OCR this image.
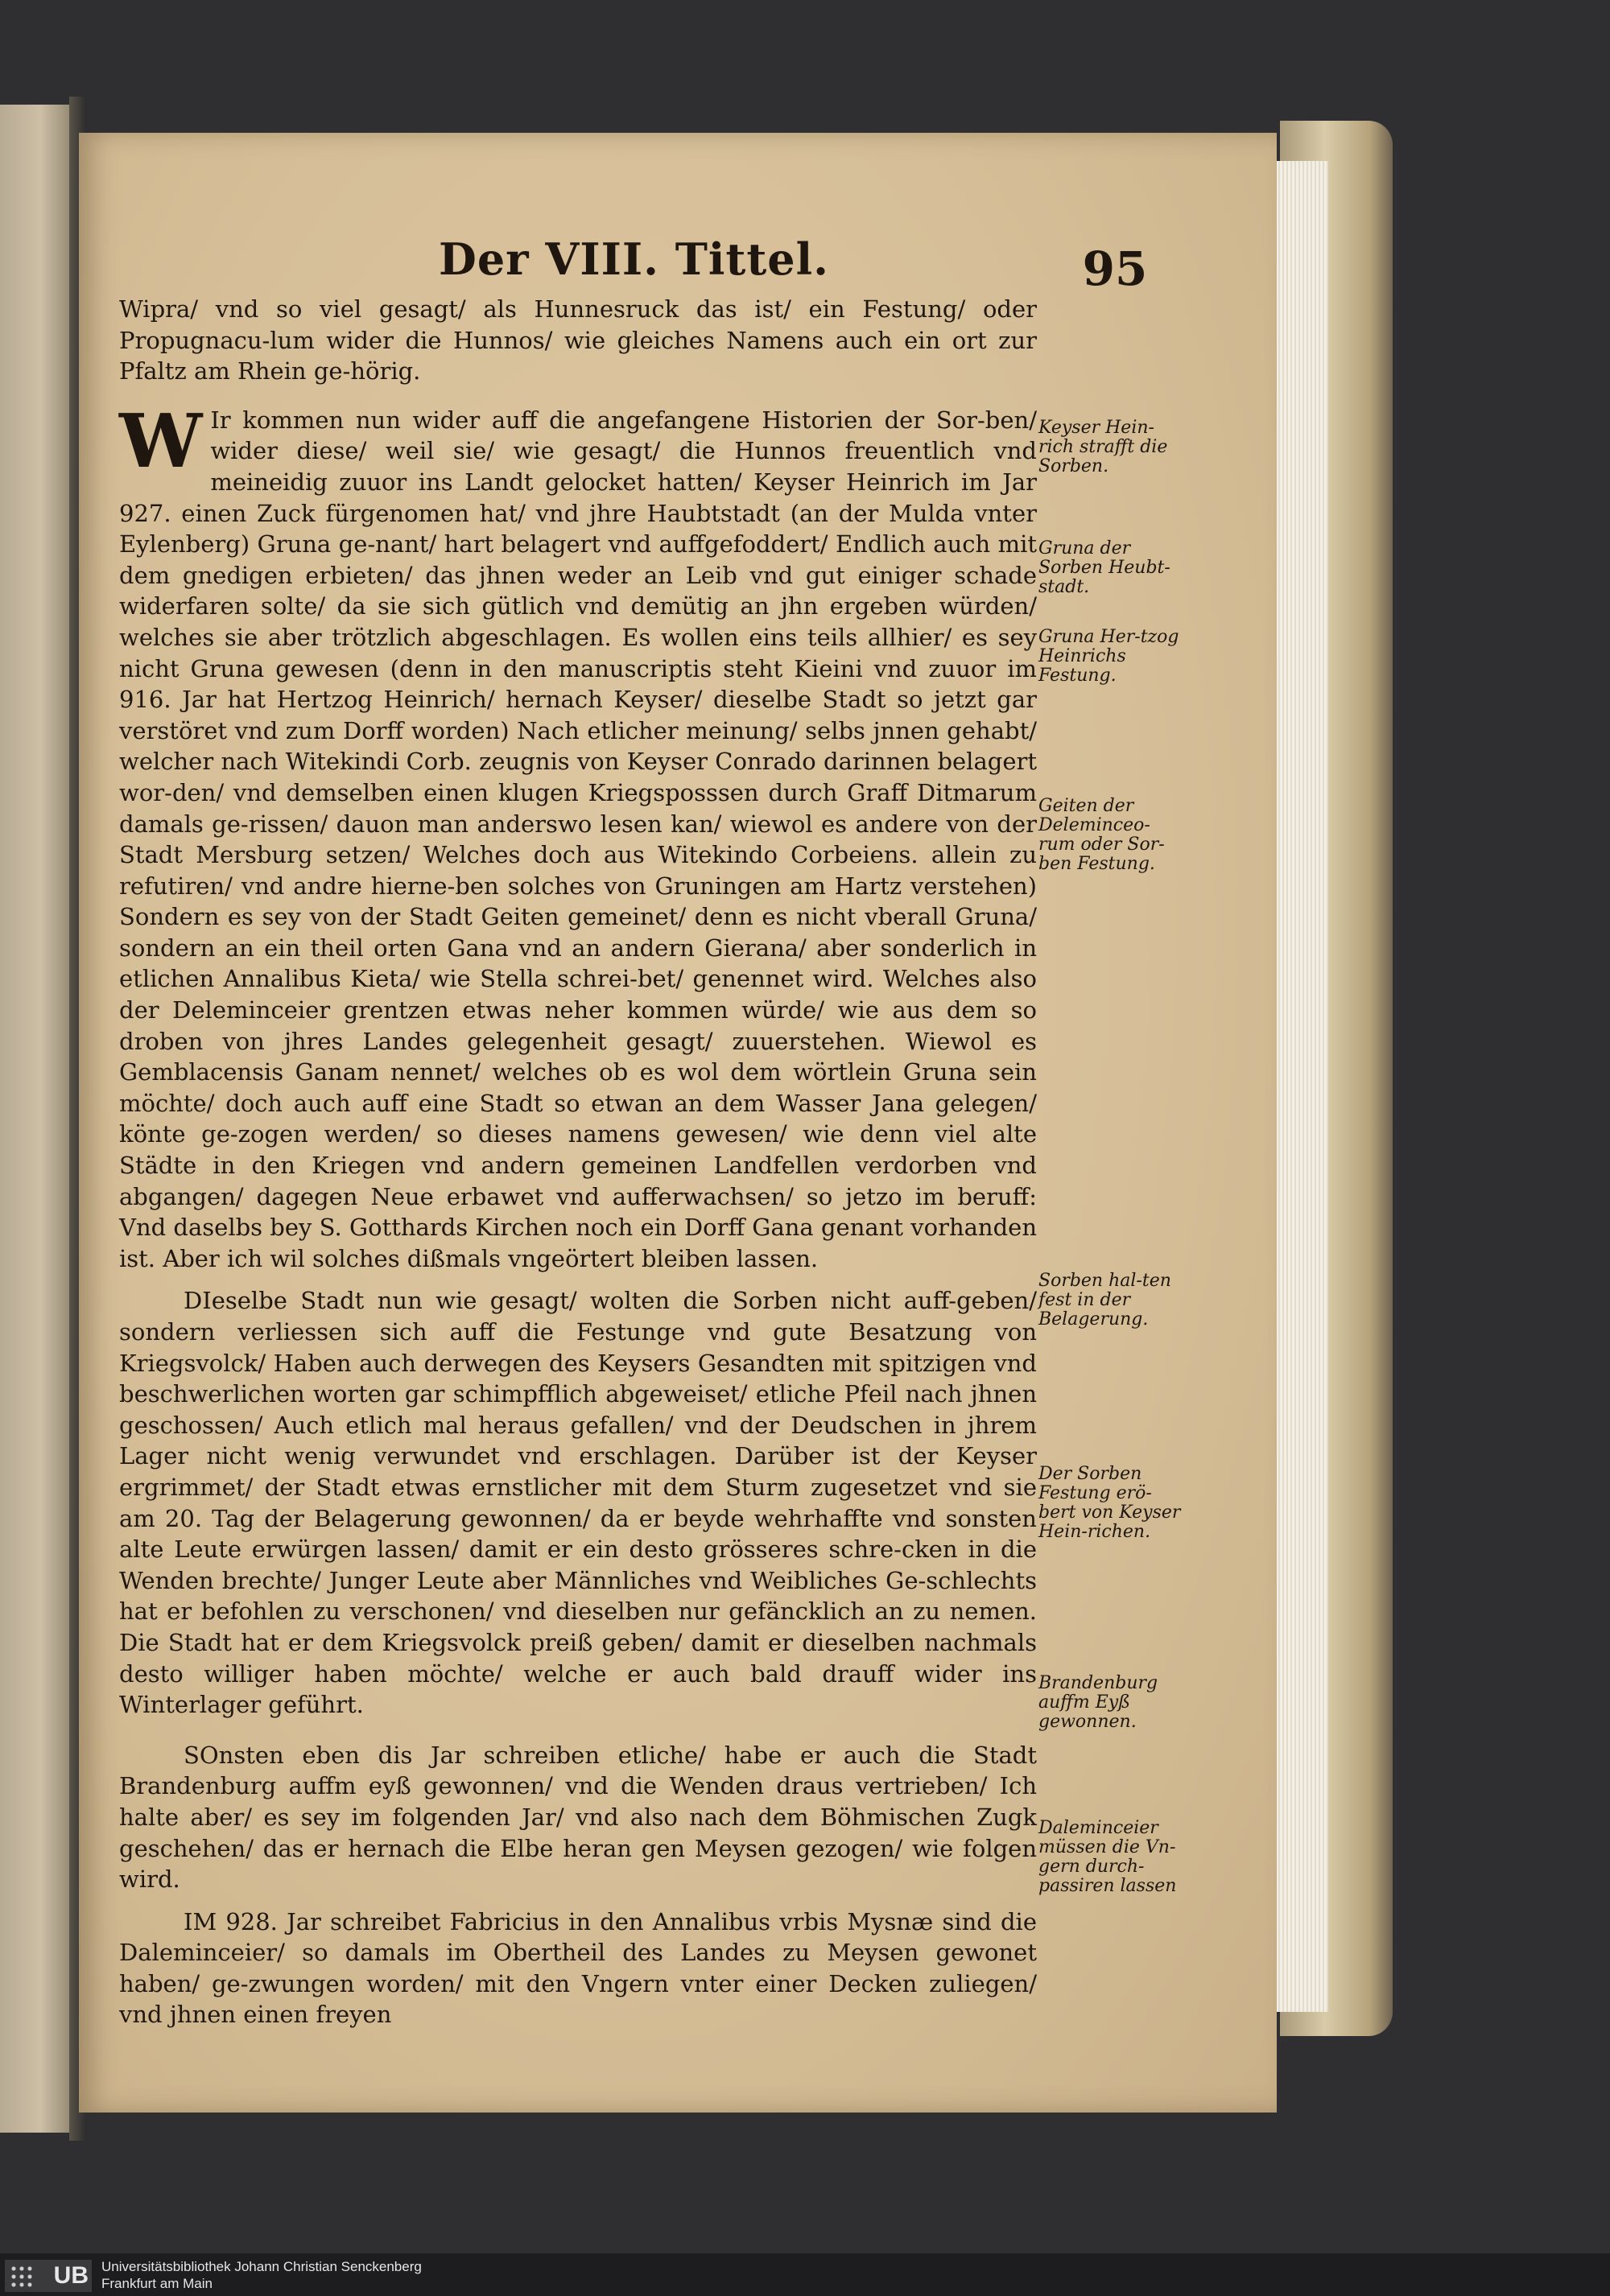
Der VIII. Tittel.	95

Wipra/ vnd so viel gesagt/ als Hunnesruck das ist/ ein Festung/ oder Propugnacu-lum wider die Hunnos/ wie gleiches Namens auch ein ort zur Pfaltz am Rhein ge-hörig.

W Ir kommen nun wider auff die angefangene Historien der Sor-ben/ wider diese/ weil sie/ wie gesagt/ die Hunnos freuentlich vnd meineidig zuuor ins Landt gelocket hatten/ Keyser Heinrich im Jar 927. einen Zuck fürgenomen hat/ vnd jhre Haubtstadt (an der Mulda vnter Eylenberg) Gruna ge-nant/ hart belagert vnd auffgefoddert/ Endlich auch mit dem gnedigen erbieten/ das jhnen weder an Leib vnd gut einiger schade widerfaren solte/ da sie sich gütlich vnd demütig an jhn ergeben würden/ welches sie aber trötzlich abgeschlagen. Es wollen eins teils allhier/ es sey nicht Gruna gewesen (denn in den manuscriptis steht Kieini vnd zuuor im 916. Jar hat Hertzog Heinrich/ hernach Keyser/ dieselbe Stadt so jetzt gar verstöret vnd zum Dorff worden) Nach etlicher meinung/ selbs jnnen gehabt/ welcher nach Witekindi Corb. zeugnis von Keyser Conrado darinnen belagert wor-den/ vnd demselben einen klugen Kriegsposssen durch Graff Ditmarum damals ge-rissen/ dauon man anderswo lesen kan/ wiewol es andere von der Stadt Mersburg setzen/ Welches doch aus Witekindo Corbeiens. allein zu refutiren/ vnd andre hierne-ben solches von Gruningen am Hartz verstehen) Sondern es sey von der Stadt Geiten gemeinet/ denn es nicht vberall Gruna/ sondern an ein theil orten Gana vnd an andern Gierana/ aber sonderlich in etlichen Annalibus Kieta/ wie Stella schrei-bet/ genennet wird. Welches also der Deleminceier grentzen etwas neher kommen würde/ wie aus dem so droben von jhres Landes gelegenheit gesagt/ zuuerstehen. Wiewol es Gemblacensis Ganam nennet/ welches ob es wol dem wörtlein Gruna sein möchte/ doch auch auff eine Stadt so etwan an dem Wasser Jana gelegen/ könte ge-zogen werden/ so dieses namens gewesen/ wie denn viel alte Städte in den Kriegen vnd andern gemeinen Landfellen verdorben vnd abgangen/ dagegen Neue erbawet vnd aufferwachsen/ so jetzo im beruff: Vnd daselbs bey S. Gotthards Kirchen noch ein Dorff Gana genant vorhanden ist. Aber ich wil solches dißmals vngeörtert bleiben lassen.

DIeselbe Stadt nun wie gesagt/ wolten die Sorben nicht auff-geben/ sondern verliessen sich auff die Festunge vnd gute Besatzung von Kriegsvolck/ Haben auch derwegen des Keysers Gesandten mit spitzigen vnd beschwerlichen worten gar schimpfflich abgeweiset/ etliche Pfeil nach jhnen geschossen/ Auch etlich mal heraus gefallen/ vnd der Deudschen in jhrem Lager nicht wenig verwundet vnd erschlagen. Darüber ist der Keyser ergrimmet/ der Stadt etwas ernstlicher mit dem Sturm zugesetzet vnd sie am 20. Tag der Belagerung gewonnen/ da er beyde wehrhaffte vnd sonsten alte Leute erwürgen lassen/ damit er ein desto grösseres schre-cken in die Wenden brechte/ Junger Leute aber Männliches vnd Weibliches Ge-schlechts hat er befohlen zu verschonen/ vnd dieselben nur gefäncklich an zu nemen. Die Stadt hat er dem Kriegsvolck preiß geben/ damit er dieselben nachmals desto williger haben möchte/ welche er auch bald drauff wider ins Winterlager geführt.

SOnsten eben dis Jar schreiben etliche/ habe er auch die Stadt Brandenburg auffm eyß gewonnen/ vnd die Wenden draus vertrieben/ Ich halte aber/ es sey im folgenden Jar/ vnd also nach dem Böhmischen Zugk geschehen/ das er hernach die Elbe heran gen Meysen gezogen/ wie folgen wird.

IM 928. Jar schreibet Fabricius in den Annalibus vrbis Mysnæ sind die Daleminceier/ so damals im Obertheil des Landes zu Meysen gewonet haben/ ge-zwungen worden/ mit den Vngern vnter einer Decken zuliegen/ vnd jhnen einen freyen

Keyser Hein-rich strafft die Sorben.
Gruna der Sorben Heubt-stadt.
Gruna Her-tzog Heinrichs Festung.
Geiten der Deleminceo-rum oder Sor-ben Festung.
Sorben hal-ten fest in der Belagerung.
Der Sorben Festung erö-bert von Keyser Hein-richen.
Brandenburg auffm Eyß gewonnen.
Daleminceier müssen die Vn-gern durch-passiren lassen
UB Universitätsbibliothek Johann Christian Senckenberg
Frankfurt am Main
